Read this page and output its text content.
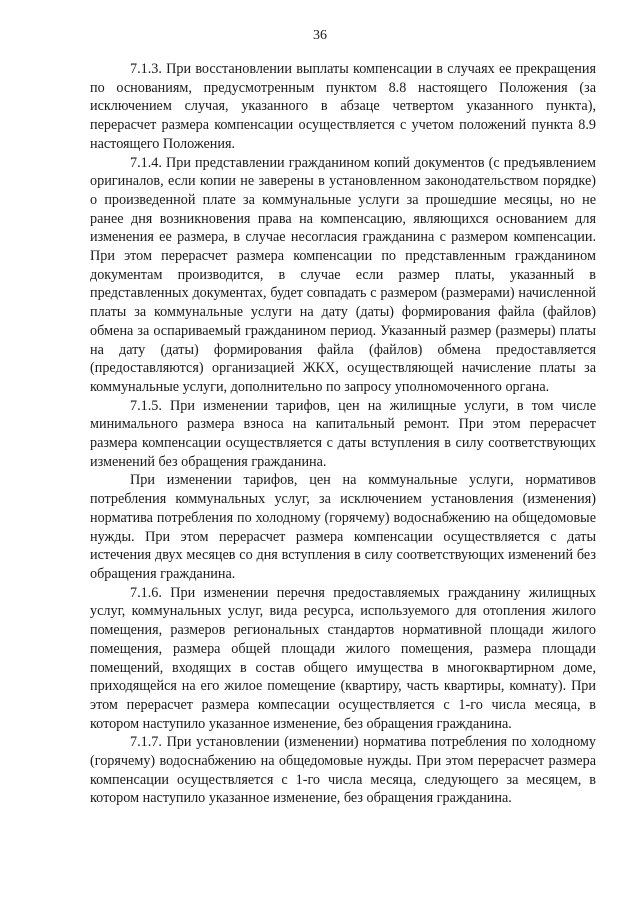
36

7.1.3. При восстановлении выплаты компенсации в случаях ее прекращения по основаниям, предусмотренным пунктом 8.8 настоящего Положения (за исключением случая, указанного в абзаце четвертом указанного пункта), перерасчет размера компенсации осуществляется с учетом положений пункта 8.9 настоящего Положения.

7.1.4. При представлении гражданином копий документов (с предъявлением оригиналов, если копии не заверены в установленном законодательством порядке) о произведенной плате за коммунальные услуги за прошедшие месяцы, но не ранее дня возникновения права на компенсацию, являющихся основанием для изменения ее размера, в случае несогласия гражданина с размером компенсации. При этом перерасчет размера компенсации по представленным гражданином документам производится, в случае если размер платы, указанный в представленных документах, будет совпадать с размером (размерами) начисленной платы за коммунальные услуги на дату (даты) формирования файла (файлов) обмена за оспариваемый гражданином период. Указанный размер (размеры) платы на дату (даты) формирования файла (файлов) обмена предоставляется (предоставляются) организацией ЖКХ, осуществляющей начисление платы за коммунальные услуги, дополнительно по запросу уполномоченного органа.

7.1.5. При изменении тарифов, цен на жилищные услуги, в том числе минимального размера взноса на капитальный ремонт. При этом перерасчет размера компенсации осуществляется с даты вступления в силу соответствующих изменений без обращения гражданина.

При изменении тарифов, цен на коммунальные услуги, нормативов потребления коммунальных услуг, за исключением установления (изменения) норматива потребления по холодному (горячему) водоснабжению на общедомовые нужды. При этом перерасчет размера компенсации осуществляется с даты истечения двух месяцев со дня вступления в силу соответствующих изменений без обращения гражданина.

7.1.6. При изменении перечня предоставляемых гражданину жилищных услуг, коммунальных услуг, вида ресурса, используемого для отопления жилого помещения, размеров региональных стандартов нормативной площади жилого помещения, размера общей площади жилого помещения, размера площади помещений, входящих в состав общего имущества в многоквартирном доме, приходящейся на его жилое помещение (квартиру, часть квартиры, комнату). При этом перерасчет размера компесации осуществляется с 1-го числа месяца, в котором наступило указанное изменение, без обращения гражданина.

7.1.7. При установлении (изменении) норматива потребления по холодному (горячему) водоснабжению на общедомовые нужды. При этом перерасчет размера компенсации осуществляется с 1-го числа месяца, следующего за месяцем, в котором наступило указанное изменение, без обращения гражданина.
